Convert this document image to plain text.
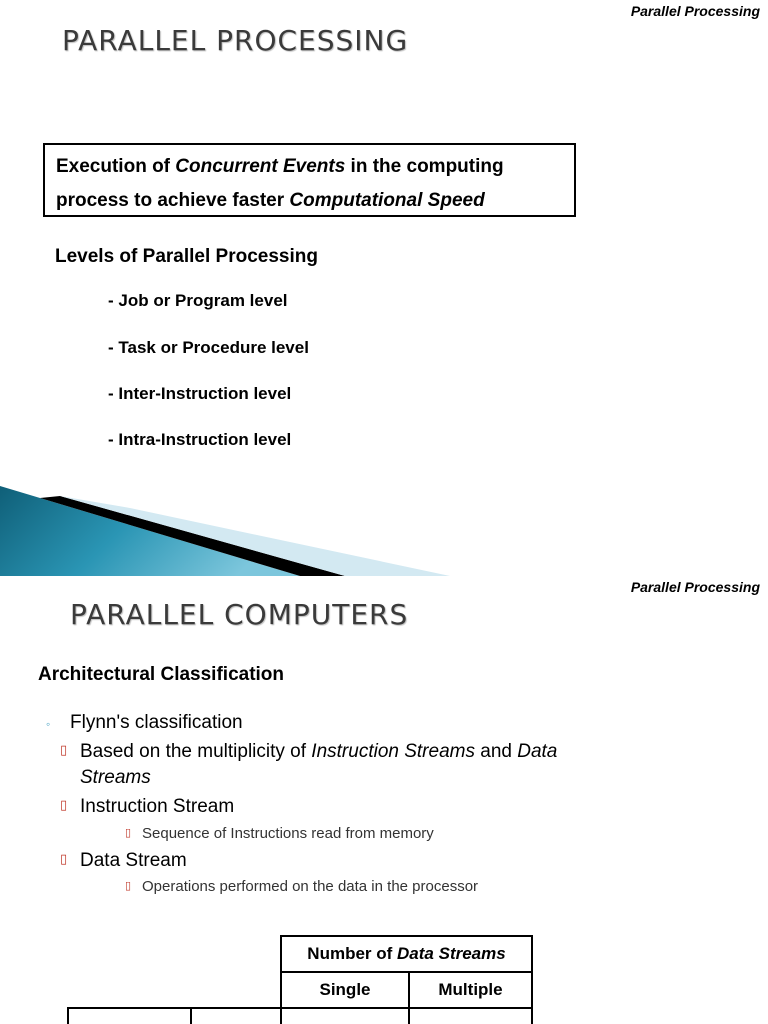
Parallel Processing
PARALLEL PROCESSING
Execution of Concurrent Events in the computing
process to achieve faster Computational Speed
Levels of Parallel Processing
- Job or Program level
- Task or Procedure level
- Inter-Instruction level
- Intra-Instruction level
Parallel Processing
PARALLEL COMPUTERS
Architectural Classification
◦ Flynn's classification
▯ Based on the multiplicity of Instruction Streams and Data
Streams
▯ Instruction Stream
▯ Sequence of Instructions read from memory
▯ Data Stream
▯ Operations performed on the data in the processor
Number of Data Streams
Single	Multiple
